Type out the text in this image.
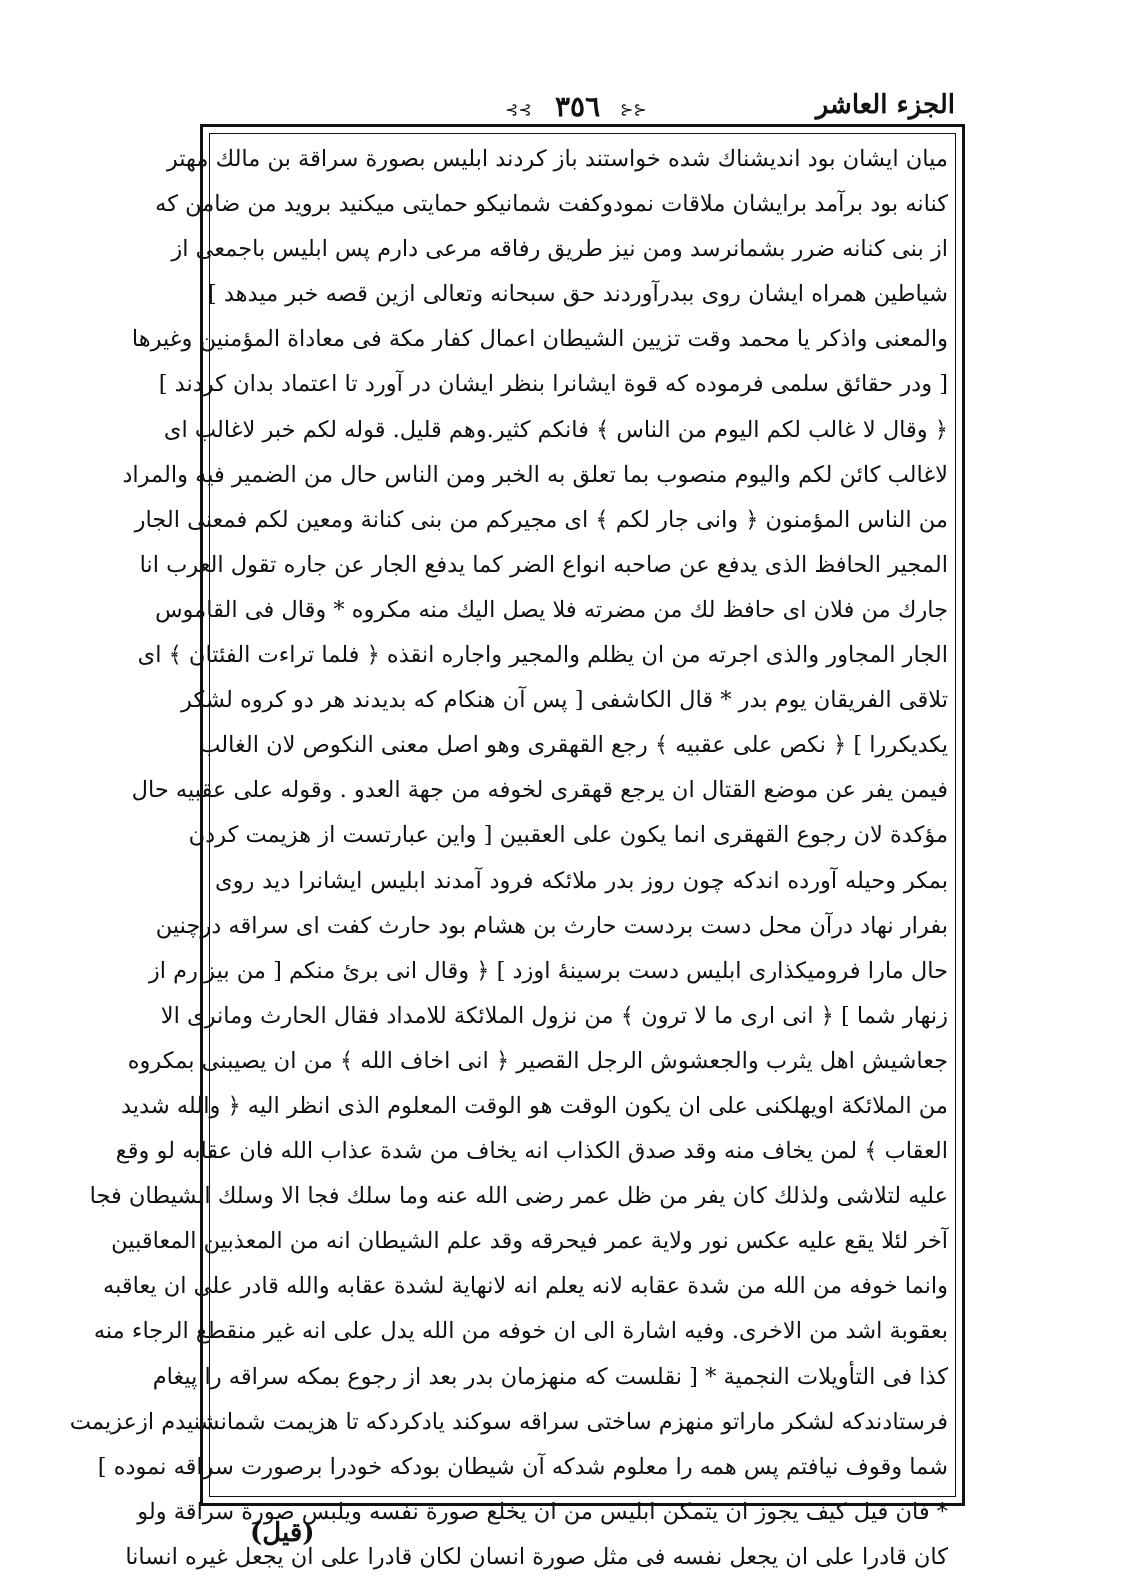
⊰⊰ ٣٥٦ ⊱⊱	الجزء العاشر
ميان ايشان بود انديشناك شده خواستند باز كردند ابليس بصورة سراقة بن مالك مهتر
كنانه بود برآمد برايشان ملاقات نمودوكفت شمانيكو حمايتى ميكنيد برويد من ضامن كه
از بنى كنانه ضرر بشمانرسد ومن نيز طريق رفاقه مرعى دارم پس ابليس باجمعى از
شياطين همراه ايشان روى ببدرآوردند حق سبحانه وتعالى ازين قصه خبر ميدهد ]
والمعنى واذكر يا محمد وقت تزيين الشيطان اعمال كفار مكة فى معاداة المؤمنين وغيرها
[ ودر حقائق سلمى فرموده كه قوة ايشانرا بنظر ايشان در آورد تا اعتماد بدان كردند ]
﴿ وقال لا غالب لكم اليوم من الناس ﴾ فانكم كثير.وهم قليل. قوله لكم خبر لاغالب اى
لاغالب كائن لكم واليوم منصوب بما تعلق به الخبر ومن الناس حال من الضمير فيه والمراد
من الناس المؤمنون ﴿ وانى جار لكم ﴾ اى مجيركم من بنى كنانة ومعين لكم فمعنى الجار
المجير الحافظ الذى يدفع عن صاحبه انواع الضر كما يدفع الجار عن جاره تقول العرب انا
جارك من فلان اى حافظ لك من مضرته فلا يصل اليك منه مكروه * وقال فى القاموس
الجار المجاور والذى اجرته من ان يظلم والمجير واجاره انقذه ﴿ فلما تراءت الفئتان ﴾ اى
تلاقى الفريقان يوم بدر * قال الكاشفى [ پس آن هنكام كه بديدند هر دو كروه لشكر
يكديكررا ] ﴿ نكص على عقبيه ﴾ رجع القهقرى وهو اصل معنى النكوص لان الغالب
فيمن يفر عن موضع القتال ان يرجع قهقرى لخوفه من جهة العدو . وقوله على عقبيه حال
مؤكدة لان رجوع القهقرى انما يكون على العقبين [ واين عبارتست از هزيمت كردن
بمكر وحيله آورده اندكه چون روز بدر ملائكه فرود آمدند ابليس ايشانرا ديد روى
بفرار نهاد درآن محل دست بردست حارث بن هشام بود حارث كفت اى سراقه درچنين
حال مارا فروميكذارى ابليس دست برسينهٔ اوزد ] ﴿ وقال انى برئ منكم [ من بيزارم از
زنهار شما ] ﴿ انى ارى ما لا ترون ﴾ من نزول الملائكة للامداد فقال الحارث ومانرى الا
جعاشيش اهل يثرب والجعشوش الرجل القصير ﴿ انى اخاف الله ﴾ من ان يصيبنى بمكروه
من الملائكة اويهلكنى على ان يكون الوقت هو الوقت المعلوم الذى انظر اليه ﴿ والله شديد
العقاب ﴾ لمن يخاف منه وقد صدق الكذاب انه يخاف من شدة عذاب الله فان عقابه لو وقع
عليه لتلاشى ولذلك كان يفر من ظل عمر رضى الله عنه وما سلك فجا الا وسلك الشيطان فجا
آخر لئلا يقع عليه عكس نور ولاية عمر فيحرقه وقد علم الشيطان انه من المعذبين المعاقبين
وانما خوفه من الله من شدة عقابه لانه يعلم انه لانهاية لشدة عقابه والله قادر على ان يعاقبه
بعقوبة اشد من الاخرى. وفيه اشارة الى ان خوفه من الله يدل على انه غير منقطع الرجاء منه
كذا فى التأويلات النجمية * [ نقلست كه منهزمان بدر بعد از رجوع بمكه سراقه را پيغام
فرستادندكه لشكر ماراتو منهزم ساختى سراقه سوكند يادكردكه تا هزيمت شمانشنيدم ازعزيمت
شما وقوف نيافتم پس همه را معلوم شدكه آن شيطان بودكه خودرا برصورت سراقه نموده ]
* فان قيل كيف يجوز ان يتمكن ابليس من ان يخلع صورة نفسه ويلبس صورة سراقة ولو
كان قادرا على ان يجعل نفسه فى مثل صورة انسان لكان قادرا على ان يجعل غيره انسانا
(قيل)
